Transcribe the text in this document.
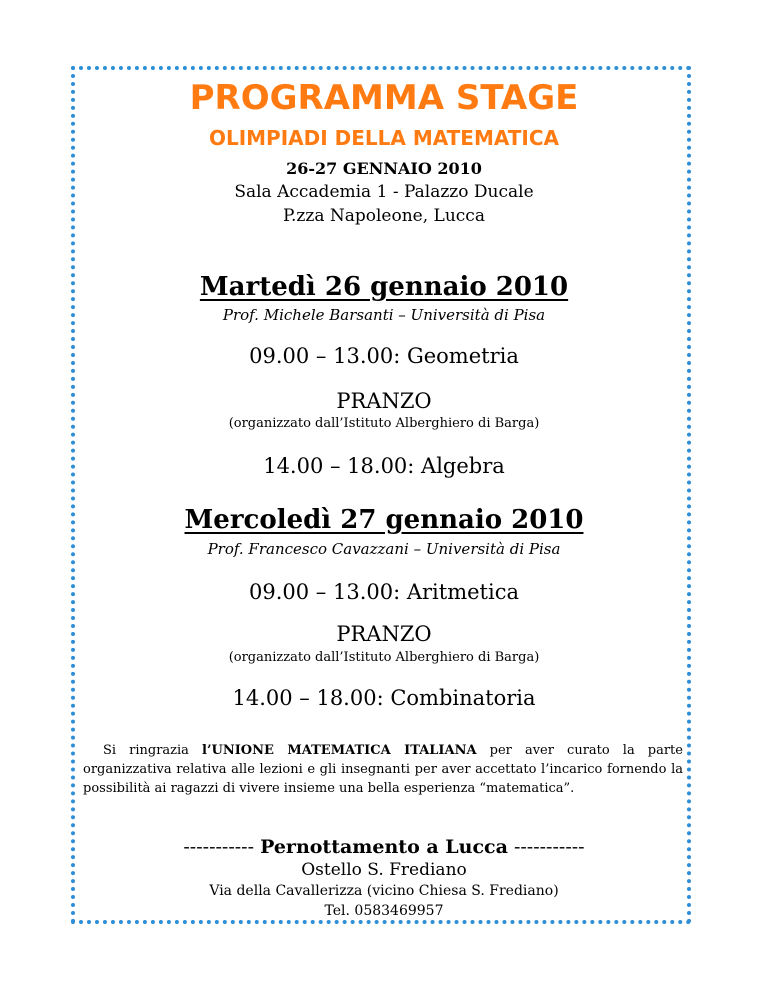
PROGRAMMA STAGE
OLIMPIADI DELLA MATEMATICA
26-27 GENNAIO 2010
Sala Accademia 1 - Palazzo Ducale
P.zza Napoleone, Lucca
Martedì 26 gennaio 2010
Prof. Michele Barsanti – Università di Pisa
09.00 – 13.00: Geometria
PRANZO
(organizzato dall’Istituto Alberghiero di Barga)
14.00 – 18.00: Algebra
Mercoledì 27 gennaio 2010
Prof. Francesco Cavazzani – Università di Pisa
09.00 – 13.00: Aritmetica
PRANZO
(organizzato dall’Istituto Alberghiero di Barga)
14.00 – 18.00: Combinatoria
Si ringrazia l’UNIONE MATEMATICA ITALIANA per aver curato la parte organizzativa relativa alle lezioni e gli insegnanti per aver accettato l’incarico fornendo la possibilità ai ragazzi di vivere insieme una bella esperienza “matematica”.
----------- Pernottamento a Lucca -----------
Ostello S. Frediano
Via della Cavallerizza (vicino Chiesa S. Frediano)
Tel. 0583469957
